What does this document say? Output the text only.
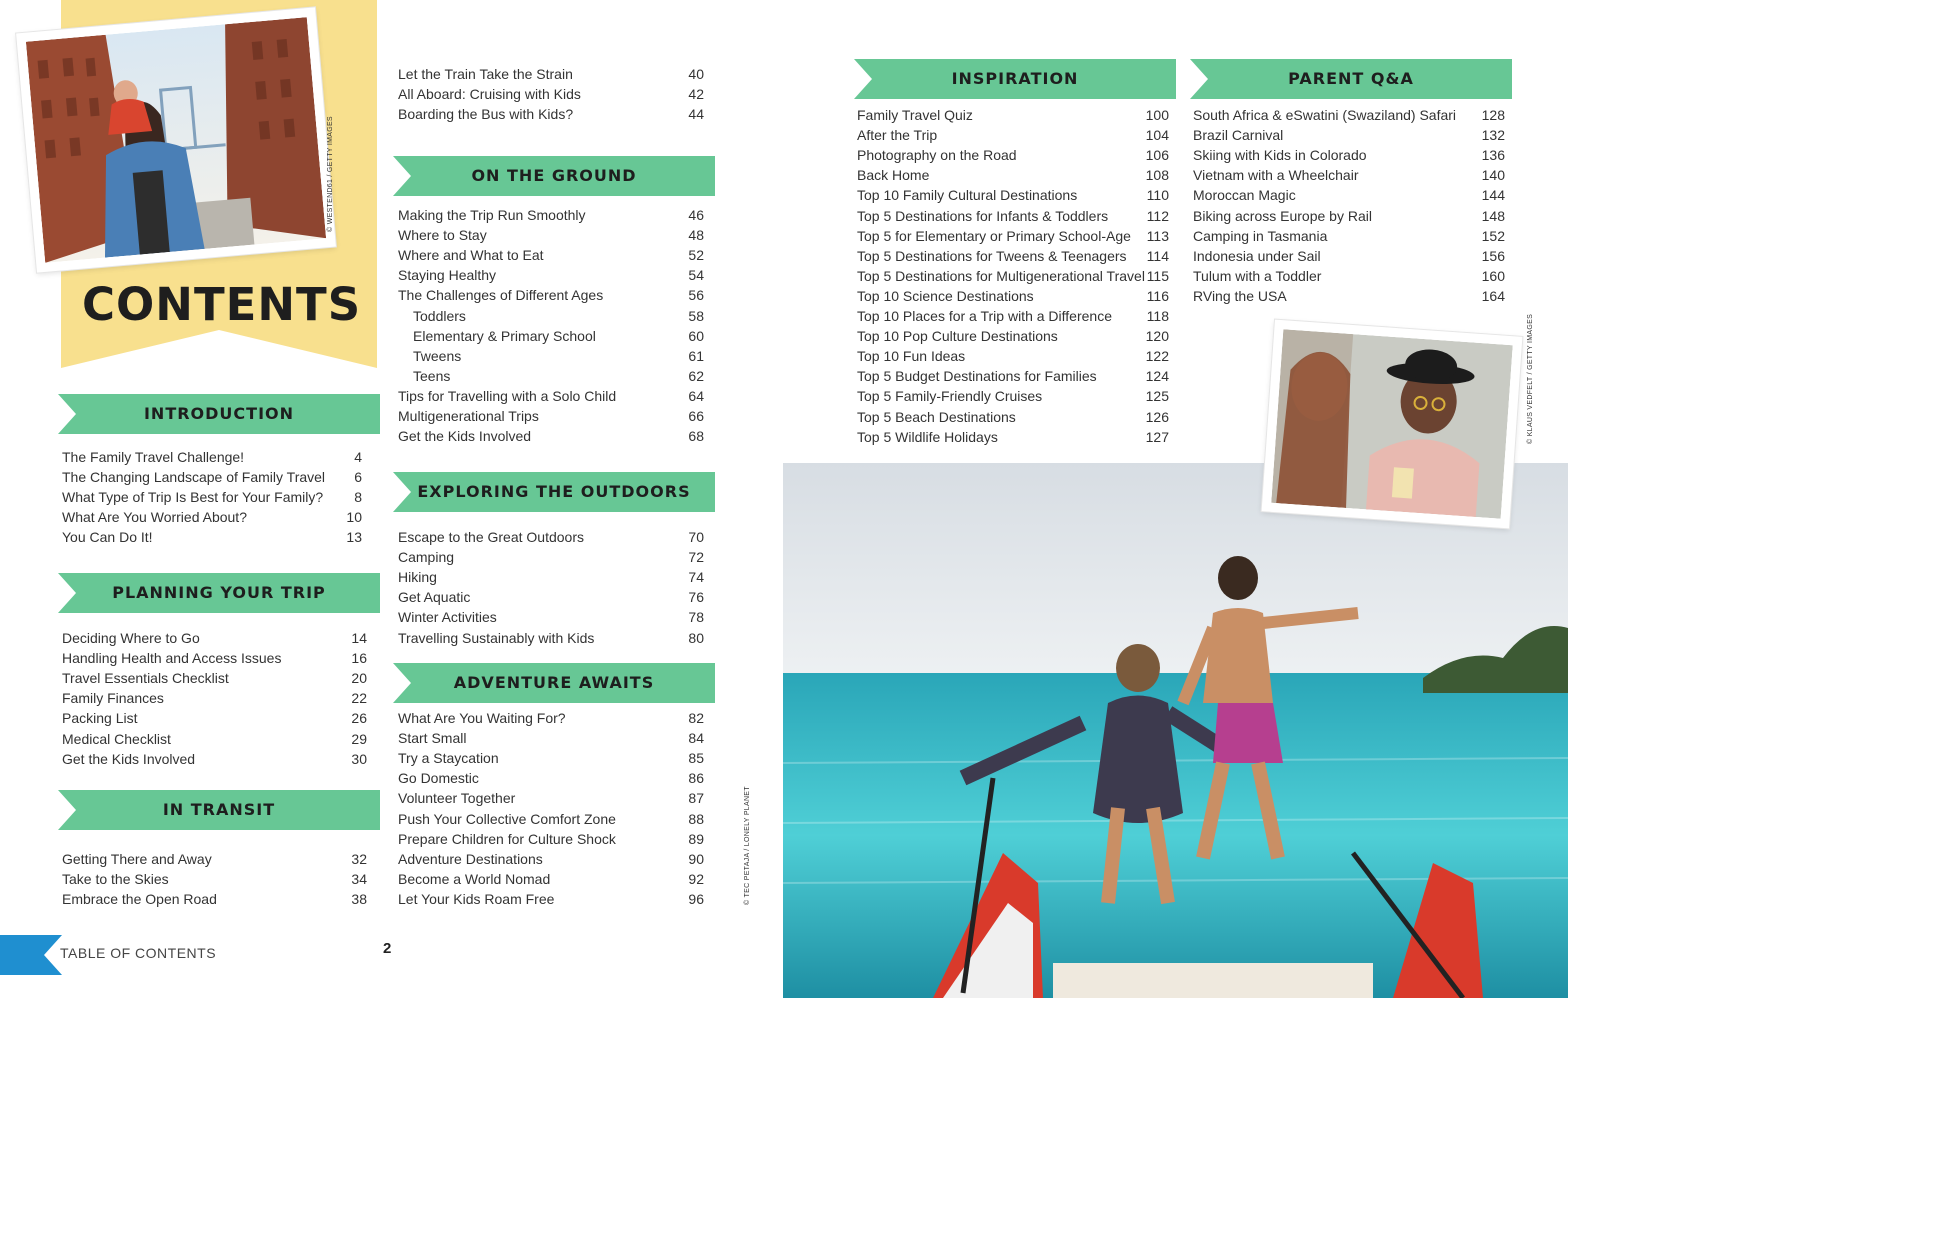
© WESTEND61 / GETTY IMAGES
CONTENTS
INTRODUCTION
PLANNING YOUR TRIP
IN TRANSIT
ON THE GROUND
EXPLORING THE OUTDOORS
ADVENTURE AWAITS
INSPIRATION	PARENT Q&A
The Family Travel Challenge!	4
The Changing Landscape of Family Travel 6
What Type of Trip Is Best for Your Family? 8
What Are You Worried About?	10
You Can Do It!	13
Deciding Where to Go	14
Handling Health and Access Issues	16
Travel Essentials Checklist	20
Family Finances	22
Packing List	26
Medical Checklist	29
Get the Kids Involved	30
Getting There and Away	32
Take to the Skies	34
Embrace the Open Road	38
Let the Train Take the Strain	40
All Aboard: Cruising with Kids	42
Boarding the Bus with Kids?	44
Making the Trip Run Smoothly	46
Where to Stay	48
Where and What to Eat	52
Staying Healthy	54
The Challenges of Different Ages	56
Toddlers	58
Elementary & Primary School	60
Tweens	61
Teens	62
Tips for Travelling with a Solo Child	64
Multigenerational Trips	66
Get the Kids Involved	68
Escape to the Great Outdoors	70
Camping	72
Hiking	74
Get Aquatic	76
Winter Activities	78
Travelling Sustainably with Kids	80
What Are You Waiting For?	82
Start Small	84
Try a Staycation	85
Go Domestic	86
Volunteer Together	87
Push Your Collective Comfort Zone	88
Prepare Children for Culture Shock	89
Adventure Destinations	90
Become a World Nomad	92
Let Your Kids Roam Free	96
Family Travel Quiz	100
After the Trip	104
Photography on the Road	106
Back Home	108
Top 10 Family Cultural Destinations	110
Top 5 Destinations for Infants & Toddlers	112
Top 5 for Elementary or Primary School-Age 113
Top 5 Destinations for Tweens & Teenagers 114
Top 5 Destinations for Multigenerational Travel 115
Top 10 Science Destinations	116
Top 10 Places for a Trip with a Difference 118
Top 10 Pop Culture Destinations	120
Top 10 Fun Ideas	122
Top 5 Budget Destinations for Families	124
Top 5 Family-Friendly Cruises	125
Top 5 Beach Destinations	126
Top 5 Wildlife Holidays	127
South Africa & eSwatini (Swaziland) Safari 128
Brazil Carnival	132
Skiing with Kids in Colorado	136
Vietnam with a Wheelchair	140
Moroccan Magic	144
Biking across Europe by Rail	148
Camping in Tasmania	152
Indonesia under Sail	156
Tulum with a Toddler	160
RVing the USA	164
© TEC PETAJA / LONELY PLANET
© KLAUS VEDFELT / GETTY IMAGES
TABLE OF CONTENTS	2
